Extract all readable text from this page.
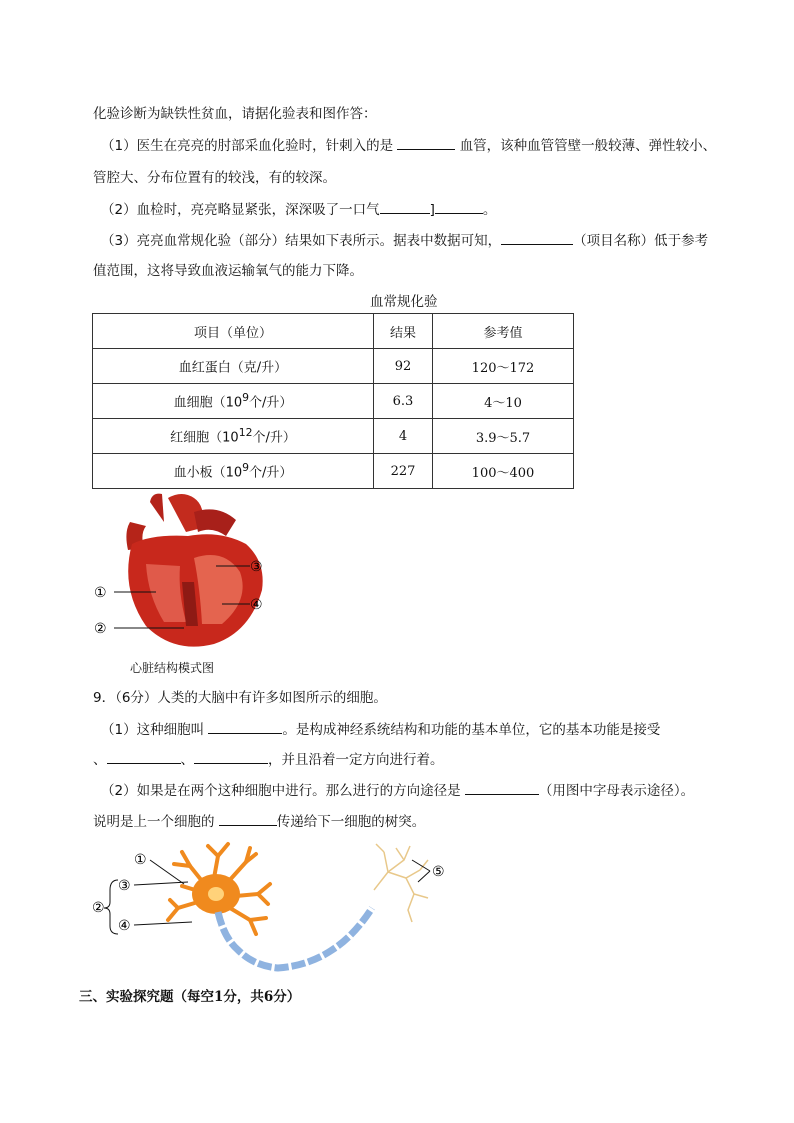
化验诊断为缺铁性贫血，请据化验表和图作答：
（1）医生在亮亮的肘部采血化验时，针刺入的是	血管，该种血管管壁一般较薄、弹性较小、
管腔大、分布位置有的较浅，有的较深。
（2）血检时，亮亮略显紧张，深深吸了一口气	]	。
（3）亮亮血常规化验（部分）结果如下表所示。据表中数据可知，	（项目名称）低于参考
值范围，这将导致血液运输氧气的能力下降。
血常规化验
项目（单位）	结果	参考值
血红蛋白（克/升）	92	120～172
血细胞（$10^9$个/升）	6.3	4～10
红细胞（$10^{12}$个/升）	4	3.9～5.7
血小板（$10^9$个/升）	227	100～400
①
②
③
④
心脏结构模式图
9．（6分）人类的大脑中有许多如图所示的细胞。
（1）这种细胞叫	。是构成神经系统结构和功能的基本单位，它的基本功能是接受
、	、	，并且沿着一定方向进行着。
（2）如果是在两个这种细胞中进行。那么进行的方向途径是	（用图中字母表示途径）。
说明是上一个细胞的	传递给下一细胞的树突。
①
②
③
④
⑤
三、实验探究题（每空1分，共6分）
